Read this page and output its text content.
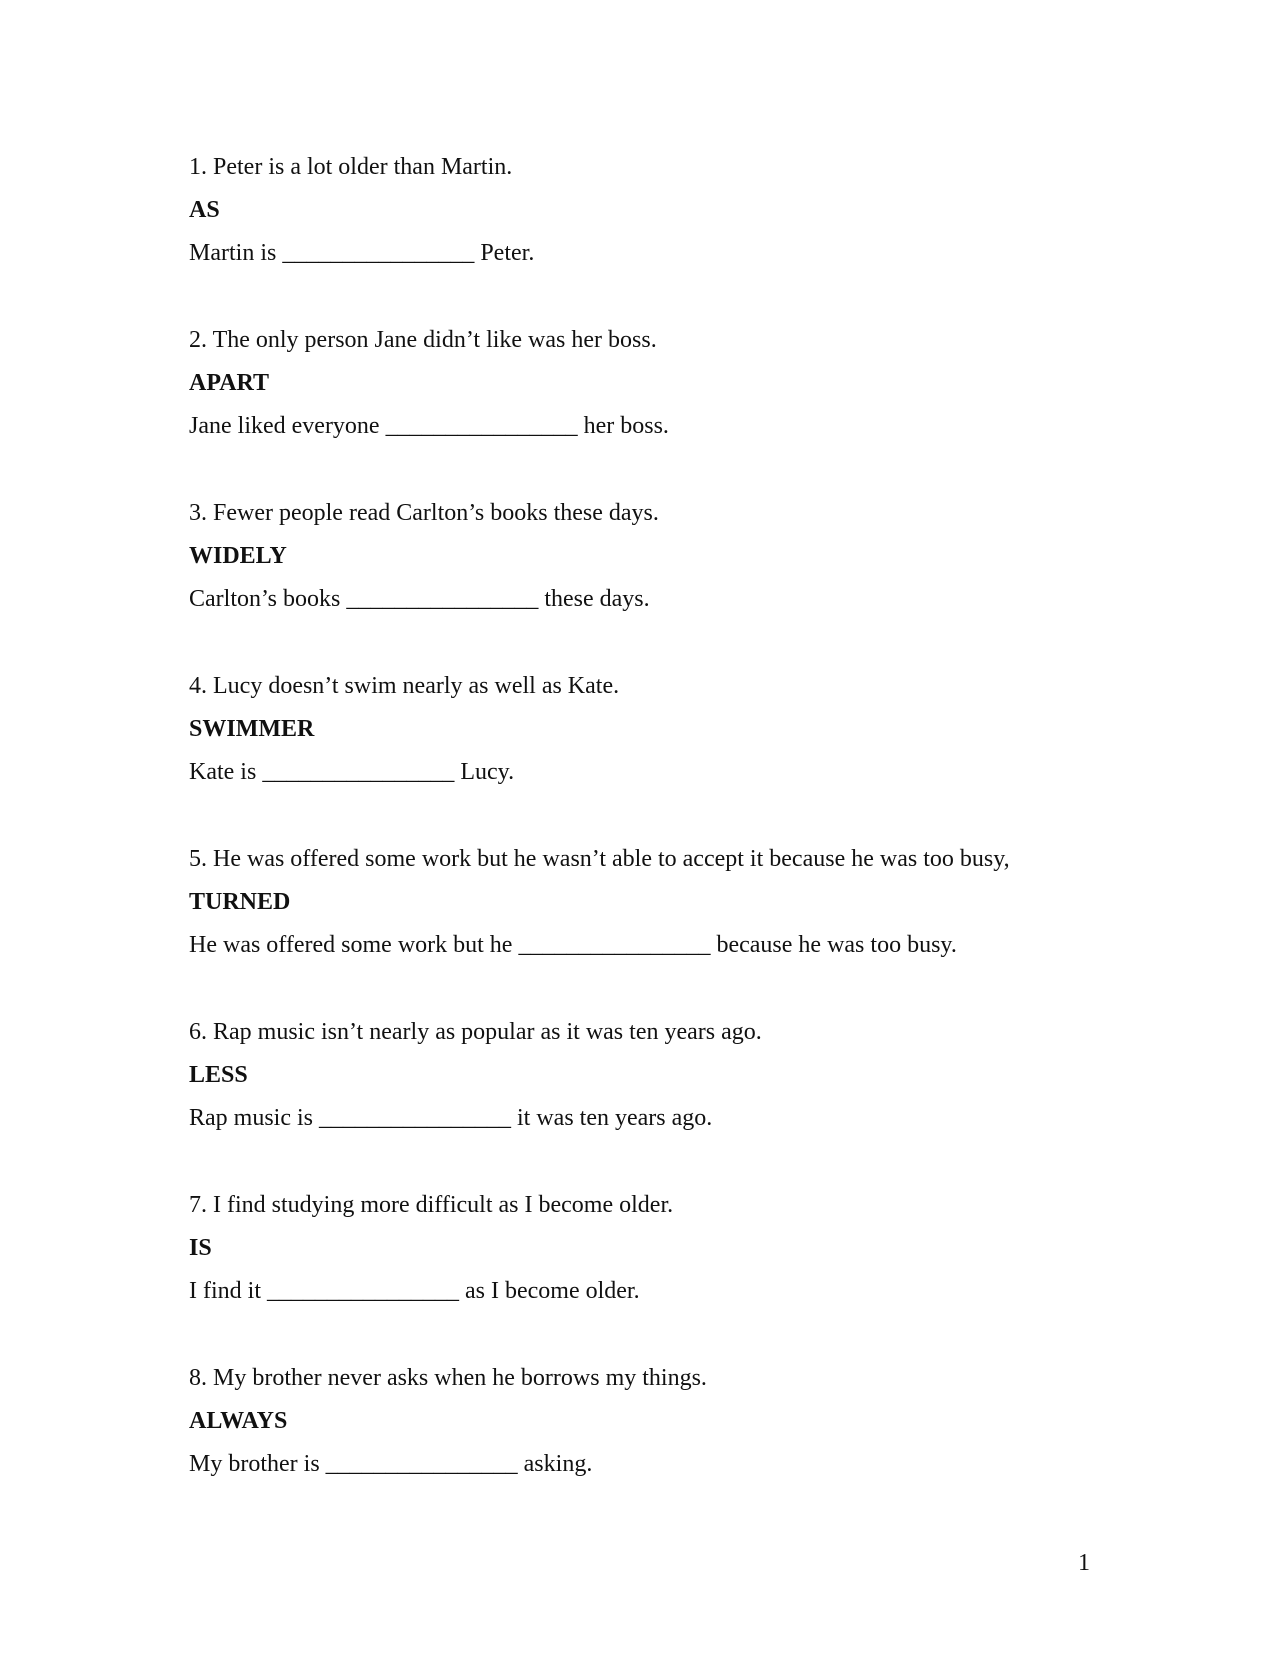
1. Peter is a lot older than Martin.
AS
Martin is ________________ Peter.
2. The only person Jane didn’t like was her boss.
APART
Jane liked everyone ________________ her boss.
3. Fewer people read Carlton’s books these days.
WIDELY
Carlton’s books ________________ these days.
4. Lucy doesn’t swim nearly as well as Kate.
SWIMMER
Kate is ________________ Lucy.
5. He was offered some work but he wasn’t able to accept it because he was too busy,
TURNED
He was offered some work but he ________________ because he was too busy.
6. Rap music isn’t nearly as popular as it was ten years ago.
LESS
Rap music is ________________ it was ten years ago.
7. I find studying more difficult as I become older.
IS
I find it ________________ as I become older.
8. My brother never asks when he borrows my things.
ALWAYS
My brother is ________________ asking.
1
